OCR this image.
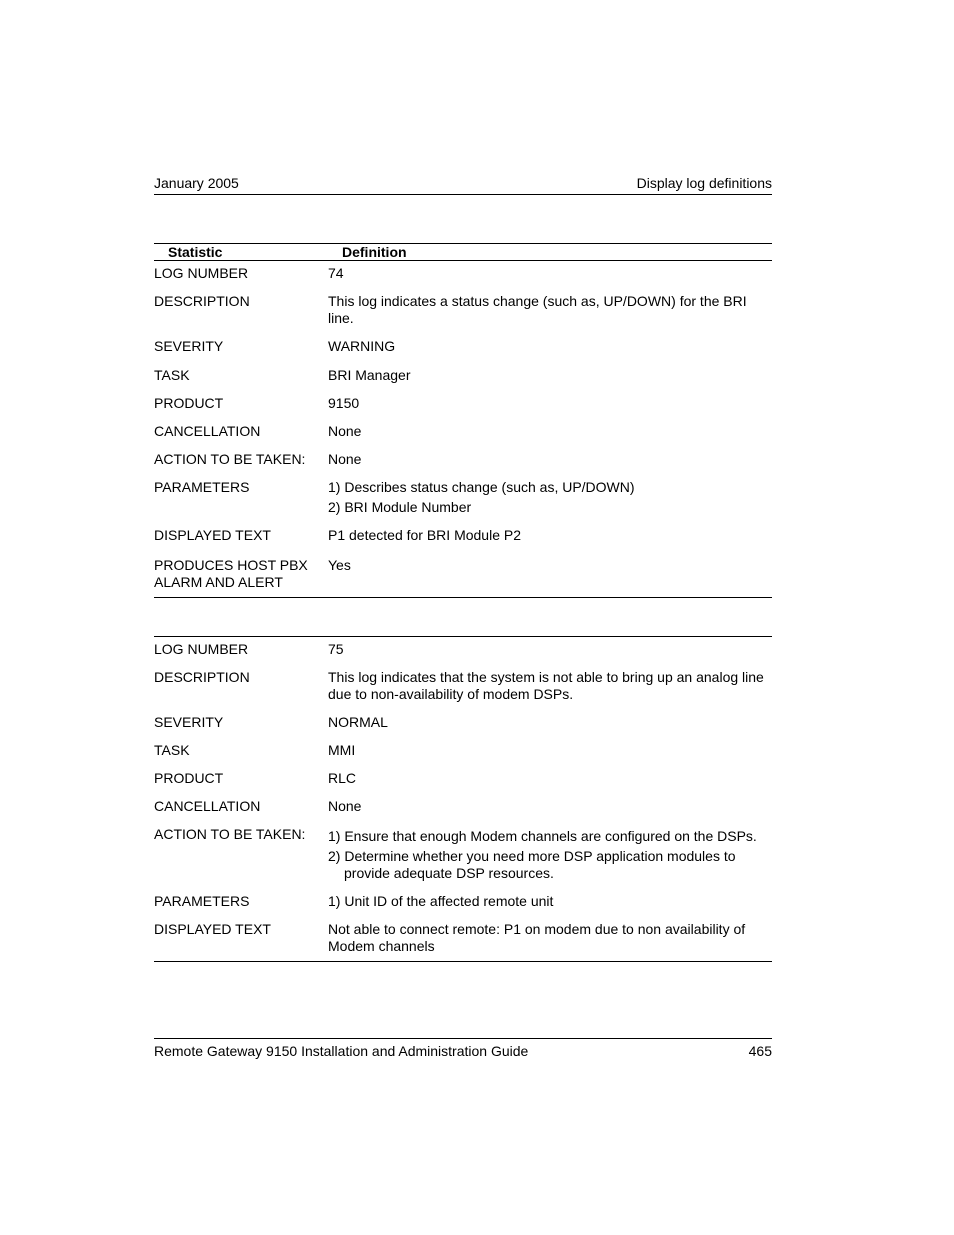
January 2005	Display log definitions
Statistic	Definition
LOG NUMBER	74
DESCRIPTION	This log indicates a status change (such as, UP/DOWN) for the BRI line.
SEVERITY	WARNING
TASK	BRI Manager
PRODUCT	9150
CANCELLATION	None
ACTION TO BE TAKEN:	None
PARAMETERS	1) Describes status change (such as, UP/DOWN)
2) BRI Module Number

DISPLAYED TEXT	P1 detected for BRI Module P2

PRODUCES HOST PBX
ALARM AND ALERT	Yes
LOG NUMBER	75
DESCRIPTION	This log indicates that the system is not able to bring up an analog line due to non-availability of modem DSPs.
SEVERITY	NORMAL
TASK	MMI
PRODUCT	RLC
CANCELLATION	None
ACTION TO BE TAKEN:	1) Ensure that enough Modem channels are configured on the DSPs.
2) Determine whether you need more DSP application modules to provide adequate DSP resources.

PARAMETERS	1) Unit ID of the affected remote unit
DISPLAYED TEXT	Not able to connect remote: P1 on modem due to non availability of Modem channels
Remote Gateway 9150 Installation and Administration Guide	465
